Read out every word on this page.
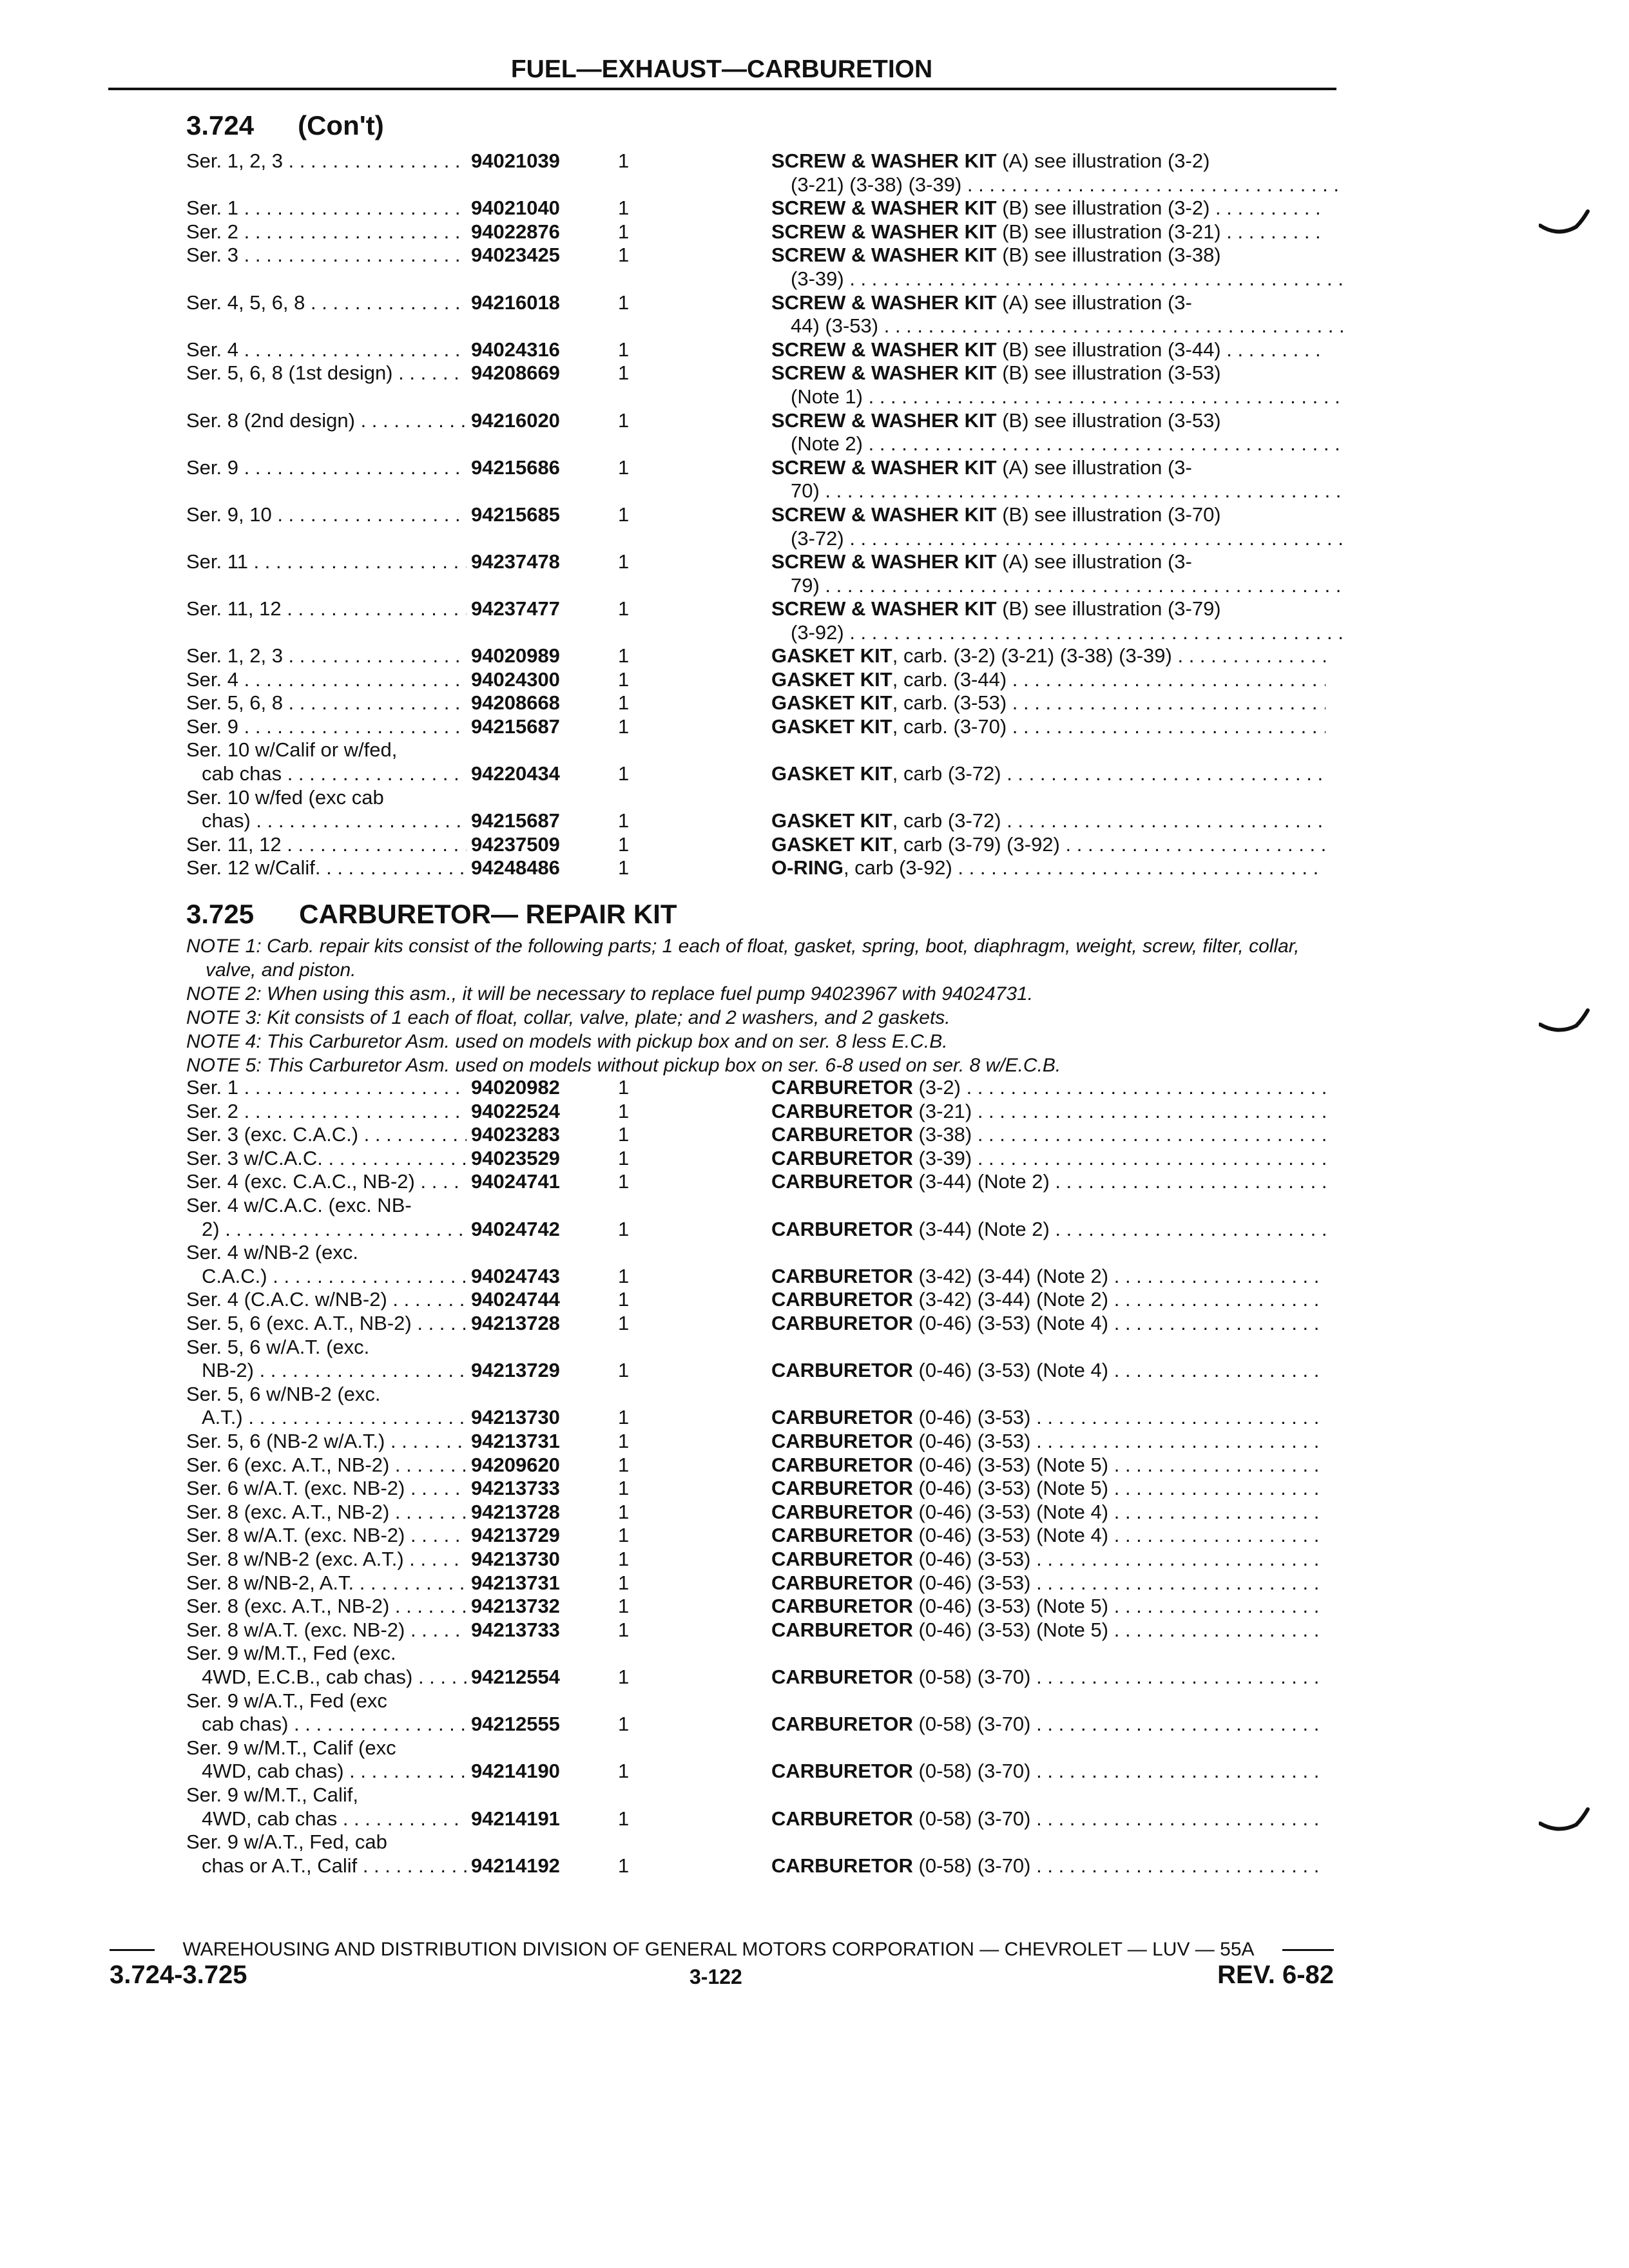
FUEL—EXHAUST—CARBURETION
3.724 (Con't)
Ser. 1, 2, 3 . . .	94021039	1	SCREW & WASHER KIT (A) see illustration (3-2)
(3-21) (3-38) (3-39) . . .
Ser. 1 . . .	94021040	1	SCREW & WASHER KIT (B) see illustration (3-2) . . . .
Ser. 2 . . .	94022876	1	SCREW & WASHER KIT (B) see illustration (3-21) . . .
Ser. 3 . . .	94023425	1	SCREW & WASHER KIT (B) see illustration (3-38)
(3-39) . . .
Ser. 4, 5, 6, 8 . . .	94216018	1	SCREW & WASHER KIT (A) see illustration (3-
44) (3-53) . . .
Ser. 4 . . .	94024316	1	SCREW & WASHER KIT (B) see illustration (3-44) . . .
Ser. 5, 6, 8 (1st design) . . . .	94208669	1	SCREW & WASHER KIT (B) see illustration (3-53)
(Note 1) . . .
Ser. 8 (2nd design) . . .	94216020	1	SCREW & WASHER KIT (B) see illustration (3-53)
(Note 2) . . .
Ser. 9 . . .	94215686	1	SCREW & WASHER KIT (A) see illustration (3-
70) . . .
Ser. 9, 10 . . .	94215685	1	SCREW & WASHER KIT (B) see illustration (3-70)
(3-72) . . .
Ser. 11 . . .	94237478	1	SCREW & WASHER KIT (A) see illustration (3-
79) . . .
Ser. 11, 12 . . .	94237477	1	SCREW & WASHER KIT (B) see illustration (3-79)
(3-92) . . .
Ser. 1, 2, 3 . . .	94020989	1	GASKET KIT, carb. (3-2) (3-21) (3-38) (3-39) . . .
Ser. 4 . . .	94024300	1	GASKET KIT, carb. (3-44) . . .
Ser. 5, 6, 8 . . .	94208668	1	GASKET KIT, carb. (3-53) . . .
Ser. 9 . . .	94215687	1	GASKET KIT, carb. (3-70) . . .
Ser. 10 w/Calif or w/fed,
cab chas . . .	94220434	1	GASKET KIT, carb (3-72) . . .
Ser. 10 w/fed (exc cab
chas) . . .	94215687	1	GASKET KIT, carb (3-72) . . .
Ser. 11, 12 . . .	94237509	1	GASKET KIT, carb (3-79) (3-92) . . .
Ser. 12 w/Calif. . . .	94248486	1	O-RING, carb (3-92) . . .
3.725 CARBURETOR— REPAIR KIT
NOTE 1: Carb. repair kits consist of the following parts; 1 each of float, gasket, spring, boot, diaphragm, weight, screw, filter, collar, valve, and piston.
NOTE 2: When using this asm., it will be necessary to replace fuel pump 94023967 with 94024731.
NOTE 3: Kit consists of 1 each of float, collar, valve, plate; and 2 washers, and 2 gaskets.
NOTE 4: This Carburetor Asm. used on models with pickup box and on ser. 8 less E.C.B.
NOTE 5: This Carburetor Asm. used on models without pickup box on ser. 6-8 used on ser. 8 w/E.C.B.
Ser. 1 . . .	94020982	1	CARBURETOR (3-2) . . .
Ser. 2 . . .	94022524	1	CARBURETOR (3-21) . . .
Ser. 3 (exc. C.A.C.) . . .	94023283	1	CARBURETOR (3-38) . . .
Ser. 3 w/C.A.C. . . .	94023529	1	CARBURETOR (3-39) . . .
Ser. 4 (exc. C.A.C., NB-2) . . .	94024741	1	CARBURETOR (3-44) (Note 2) . . .
Ser. 4 w/C.A.C. (exc. NB-
2) . . .	94024742	1	CARBURETOR (3-44) (Note 2) . . .
Ser. 4 w/NB-2 (exc.
C.A.C.) . . .	94024743	1	CARBURETOR (3-42) (3-44) (Note 2) . . .
Ser. 4 (C.A.C. w/NB-2) . . .	94024744	1	CARBURETOR (3-42) (3-44) (Note 2) . . .
Ser. 5, 6 (exc. A.T., NB-2) . . .	94213728	1	CARBURETOR (0-46) (3-53) (Note 4) . . .
Ser. 5, 6 w/A.T. (exc.
NB-2) . . .	94213729	1	CARBURETOR (0-46) (3-53) (Note 4) . . .
Ser. 5, 6 w/NB-2 (exc.
A.T.) . . .	94213730	1	CARBURETOR (0-46) (3-53) . . .
Ser. 5, 6 (NB-2 w/A.T.) . . .	94213731	1	CARBURETOR (0-46) (3-53) . . .
Ser. 6 (exc. A.T., NB-2) . . .	94209620	1	CARBURETOR (0-46) (3-53) (Note 5) . . .
Ser. 6 w/A.T. (exc. NB-2) . . .	94213733	1	CARBURETOR (0-46) (3-53) (Note 5) . . .
Ser. 8 (exc. A.T., NB-2) . . .	94213728	1	CARBURETOR (0-46) (3-53) (Note 4) . . .
Ser. 8 w/A.T. (exc. NB-2) . . .	94213729	1	CARBURETOR (0-46) (3-53) (Note 4) . . .
Ser. 8 w/NB-2 (exc. A.T.) . . .	94213730	1	CARBURETOR (0-46) (3-53) . . .
Ser. 8 w/NB-2, A.T. . . .	94213731	1	CARBURETOR (0-46) (3-53) . . .
Ser. 8 (exc. A.T., NB-2) . . .	94213732	1	CARBURETOR (0-46) (3-53) (Note 5) . . .
Ser. 8 w/A.T. (exc. NB-2) . . .	94213733	1	CARBURETOR (0-46) (3-53) (Note 5) . . .
Ser. 9 w/M.T., Fed (exc.
4WD, E.C.B., cab chas) . . .	94212554	1	CARBURETOR (0-58) (3-70) . . .
Ser. 9 w/A.T., Fed (exc
cab chas) . . .	94212555	1	CARBURETOR (0-58) (3-70) . . .
Ser. 9 w/M.T., Calif (exc
4WD, cab chas) . . .	94214190	1	CARBURETOR (0-58) (3-70) . . .
Ser. 9 w/M.T., Calif,
4WD, cab chas . . .	94214191	1	CARBURETOR (0-58) (3-70) . . .
Ser. 9 w/A.T., Fed, cab
chas or A.T., Calif . . .	94214192	1	CARBURETOR (0-58) (3-70) . . .
WAREHOUSING AND DISTRIBUTION DIVISION OF GENERAL MOTORS CORPORATION — CHEVROLET — LUV — 55A
3.724-3.725	3-122	REV. 6-82
